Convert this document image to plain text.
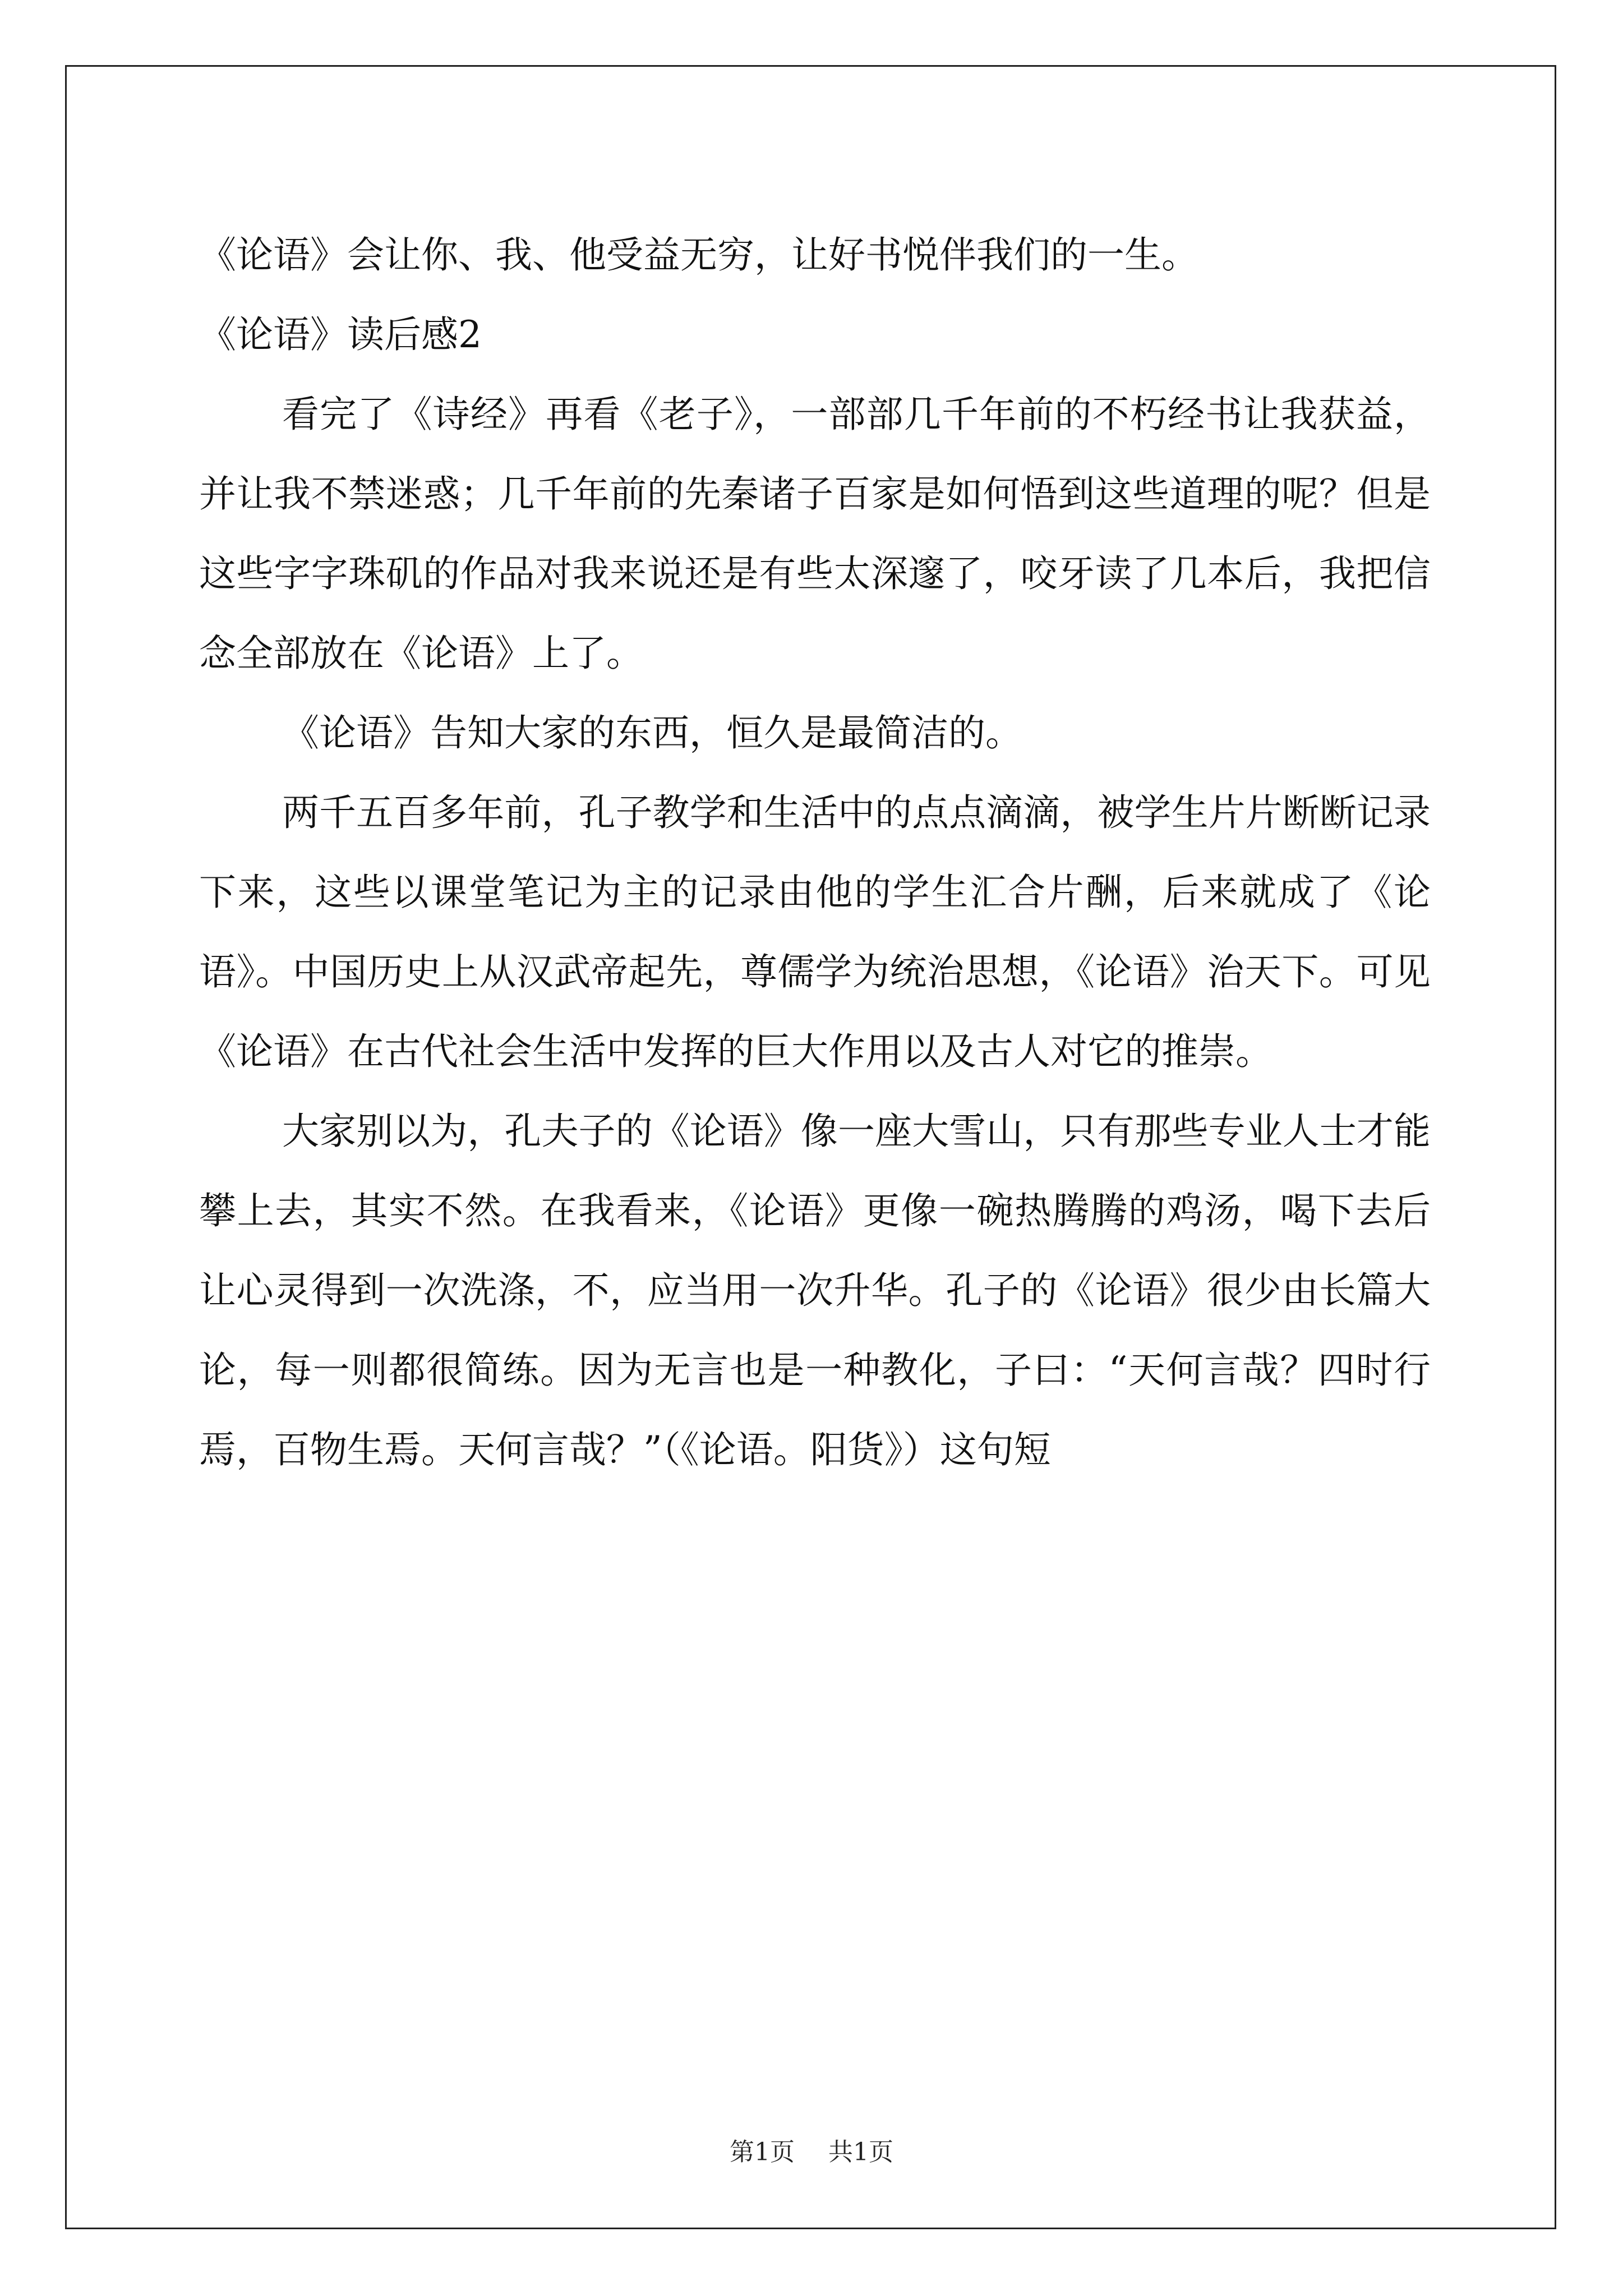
《论语》会让你、我、他受益无穷，让好书悦伴我们的一生。

《论语》读后感2

看完了《诗经》再看《老子》，一部部几千年前的不朽经书让我获益，并让我不禁迷惑；几千年前的先秦诸子百家是如何悟到这些道理的呢？但是这些字字珠矶的作品对我来说还是有些太深邃了，咬牙读了几本后，我把信念全部放在《论语》上了。

《论语》告知大家的东西，恒久是最简洁的。

两千五百多年前，孔子教学和生活中的点点滴滴，被学生片片断断记录下来，这些以课堂笔记为主的记录由他的学生汇合片酬，后来就成了《论语》。中国历史上从汉武帝起先，尊儒学为统治思想，《论语》治天下。可见《论语》在古代社会生活中发挥的巨大作用以及古人对它的推崇。

大家别以为，孔夫子的《论语》像一座大雪山，只有那些专业人士才能攀上去，其实不然。在我看来，《论语》更像一碗热腾腾的鸡汤，喝下去后让心灵得到一次洗涤，不，应当用一次升华。孔子的《论语》很少由长篇大论，每一则都很简练。因为无言也是一种教化，子曰：“天何言哉？四时行焉，百物生焉。天何言哉？”（《论语。阳货》）这句短

第1页 共1页
